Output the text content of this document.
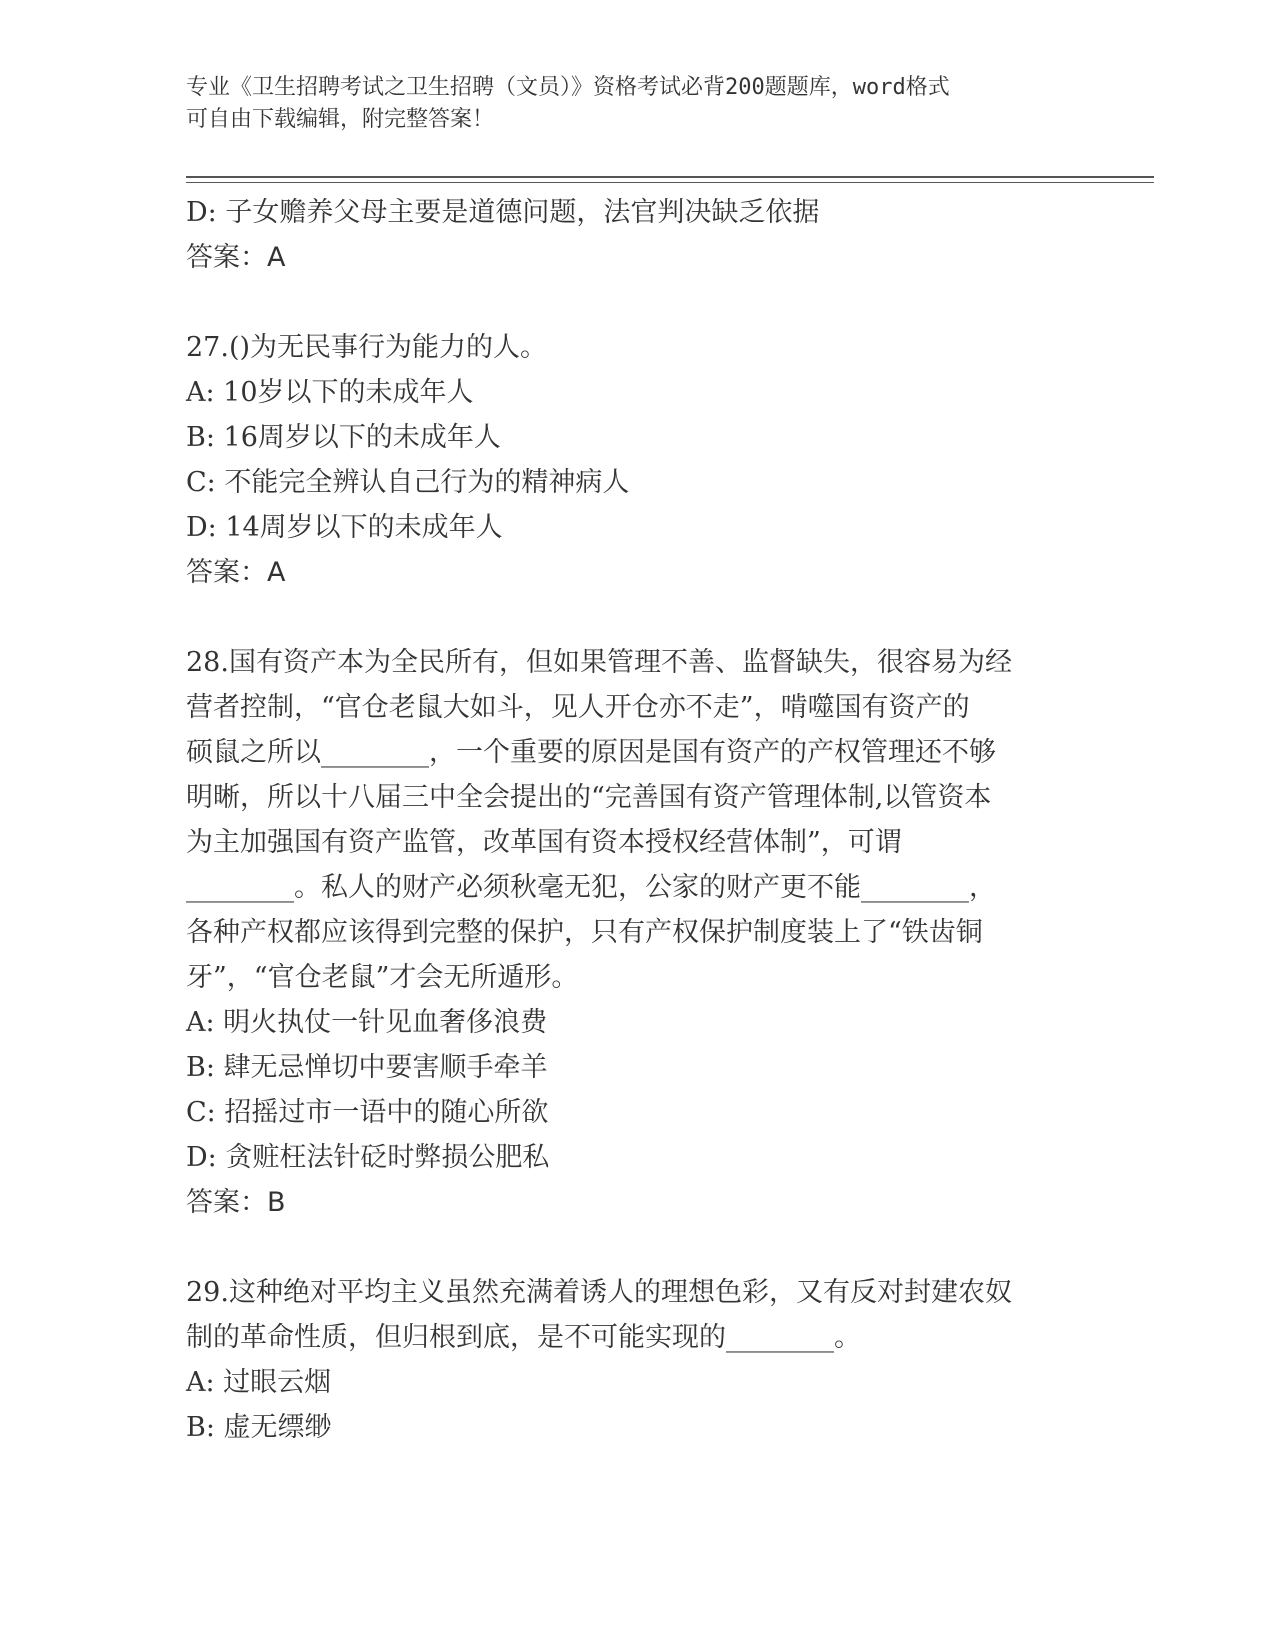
专业《卫生招聘考试之卫生招聘（文员）》资格考试必背200题题库，word格式
可自由下载编辑，附完整答案！
D: 子女赡养父母主要是道德问题，法官判决缺乏依据
答案：A
27.()为无民事行为能力的人。
A: 10岁以下的未成年人
B: 16周岁以下的未成年人
C: 不能完全辨认自己行为的精神病人
D: 14周岁以下的未成年人
答案：A
28.国有资产本为全民所有，但如果管理不善、监督缺失，很容易为经
营者控制，“官仓老鼠大如斗，见人开仓亦不走”，啃噬国有资产的
硕鼠之所以________，一个重要的原因是国有资产的产权管理还不够
明晰，所以十八届三中全会提出的“完善国有资产管理体制,以管资本
为主加强国有资产监管，改革国有资本授权经营体制”，可谓
________。私人的财产必须秋毫无犯，公家的财产更不能________，
各种产权都应该得到完整的保护，只有产权保护制度装上了“铁齿铜
牙”，“官仓老鼠”才会无所遁形。
A: 明火执仗一针见血奢侈浪费
B: 肆无忌惮切中要害顺手牵羊
C: 招摇过市一语中的随心所欲
D: 贪赃枉法针砭时弊损公肥私
答案：B
29.这种绝对平均主义虽然充满着诱人的理想色彩，又有反对封建农奴
制的革命性质，但归根到底，是不可能实现的________。
A: 过眼云烟
B: 虚无缥缈
